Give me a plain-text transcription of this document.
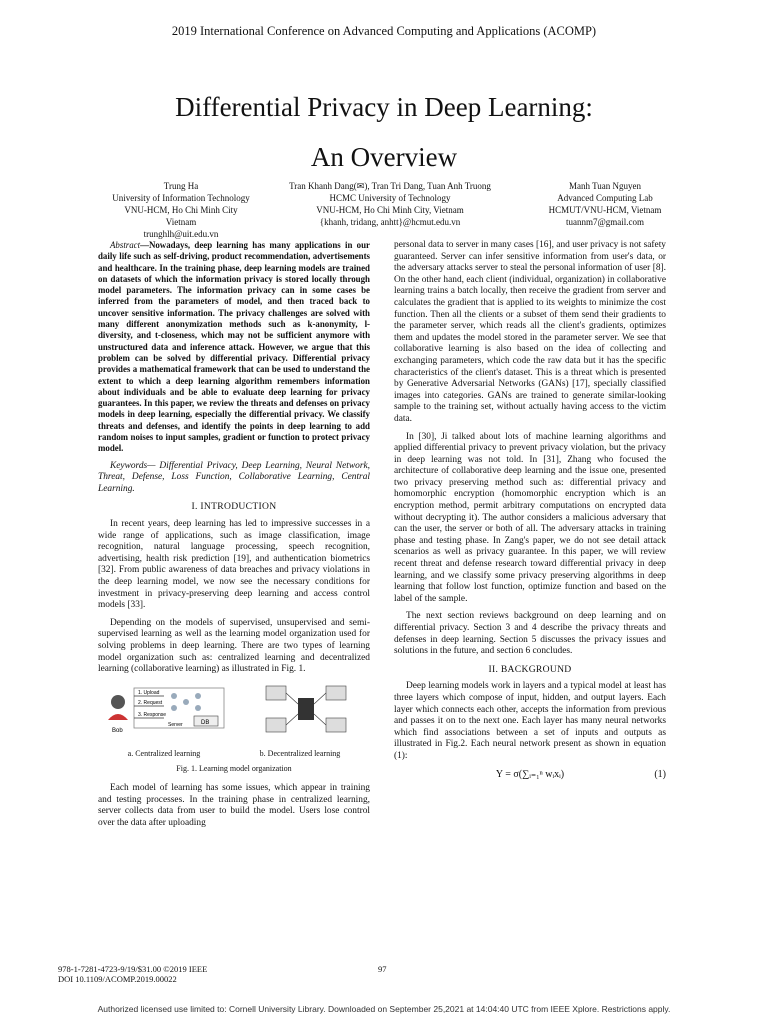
2019 International Conference on Advanced Computing and Applications (ACOMP)
Differential Privacy in Deep Learning:
An Overview
Trung Ha
University of Information Technology
VNU-HCM, Ho Chi Minh City
Vietnam
trunghlh@uit.edu.vn
Tran Khanh Dang(✉), Tran Tri Dang, Tuan Anh Truong
HCMC University of Technology
VNU-HCM, Ho Chi Minh City, Vietnam
{khanh, tridang, anhtt}@hcmut.edu.vn
Manh Tuan Nguyen
Advanced Computing Lab
HCMUT/VNU-HCM, Vietnam
tuannm7@gmail.com

Abstract—Nowadays, deep learning has many applications in our daily life such as self-driving, product recommendation, advertisements and healthcare. In the training phase, deep learning models are trained on datasets of which the information privacy is stored locally through model parameters. The information privacy can in some cases be inferred from the parameters of model, and then traced back to uncover sensitive information. The privacy challenges are solved with many different anonymization methods such as k-anonymity, l-diversity, and t-closeness, which may not be sufficient anymore with unstructured data and inference attack. However, we argue that this problem can be solved by differential privacy. Differential privacy provides a mathematical framework that can be used to understand the extent to which a deep learning algorithm remembers information about individuals and be able to evaluate deep learning for privacy guarantees. In this paper, we review the threats and defenses on privacy models in deep learning, especially the differential privacy. We classify threats and defenses, and identify the points in deep learning to add random noises to input samples, gradient or function to protect privacy model.

Keywords— Differential Privacy, Deep Learning, Neural Network, Threat, Defense, Loss Function, Collaborative Learning, Central Learning.

I. INTRODUCTION

In recent years, deep learning has led to impressive successes in a wide range of applications, such as image classification, image recognition, natural language processing, speech recognition, advertising, health risk prediction [19], and authentication biometrics [32]. From public awareness of data breaches and privacy violations in the deep learning model, we now see the necessary conditions for investment in privacy-preserving deep learning and access control models [33].

Depending on the models of supervised, unsupervised and semi-supervised learning as well as the learning model organization used for solving problems in deep learning. There are two types of learning model organization such as: centralized learning and decentralized learning (collaborative learning) as illustrated in Fig. 1.

Bob
1. Upload
2. Request
3. Response
DB
Server
a. Centralized learning	b. Decentralized learning

Fig. 1. Learning model organization

Each model of learning has some issues, which appear in training and testing processes. In the training phase in centralized learning, server collects data from user to build the model. Users lose control over the data after uploading

personal data to server in many cases [16], and user privacy is not safety guaranteed. Server can infer sensitive information from user's data, or the adversary attacks server to steal the personal information of user [8]. On the other hand, each client (individual, organization) in collaborative learning trains a batch locally, then receive the gradient from server and calculates the gradient that is applied to its weights to minimize the cost function. Then all the clients or a subset of them send their gradients to the parameter server, which reads all the client's gradients, optimizes them and updates the model stored in the parameter server. We see that collaborative learning is also based on the idea of collecting and exchanging parameters, which code the raw data but it has the specific characteristics of the client's dataset. This is a threat which is presented by Generative Adversarial Networks (GANs) [17], specially classified images into categories. GANs are trained to generate similar-looking sample to the training set, without actually having access to the victim data.

In [30], Ji talked about lots of machine learning algorithms and applied differential privacy to prevent privacy violation, but the privacy in deep learning was not told. In [31], Zhang who focused the architecture of collaborative deep learning and the issue one, presented two privacy preserving method such as: differential privacy and homomorphic encryption (homomorphic encryption which is an encryption method, permit arbitrary computations on encrypted data without decrypting it). The author considers a malicious adversary that can the user, the server or both of all. The adversary attacks in training phase and testing phase. In Zang's paper, we do not see detail attack scenarios as well as privacy guarantee. In this paper, we will review recent threat and defense research toward differential privacy in deep learning, and we classify some privacy preserving algorithms in deep learning that follow lost function, optimize function and based on the label of the sample.

The next section reviews background on deep learning and on differential privacy. Section 3 and 4 describe the privacy threats and defenses in deep learning. Section 5 discusses the privacy issues and solutions in the future, and section 6 concludes.

II. BACKGROUND

Deep learning models work in layers and a typical model at least has three layers which compose of input, hidden, and output layers. Each layer which connects each other, accepts the information from previous and passes it on to the next one. Each layer has many neural networks which find associations between a set of inputs and outputs as illustrated in Fig.2. Each neural network present as shown in equation (1):

Y = σ(∑ᵢ₌₁ⁿ wᵢxᵢ)	(1)
978-1-7281-4723-9/19/$31.00 ©2019 IEEE
DOI 10.1109/ACOMP.2019.00022
97
Authorized licensed use limited to: Cornell University Library. Downloaded on September 25,2021 at 14:04:40 UTC from IEEE Xplore. Restrictions apply.
